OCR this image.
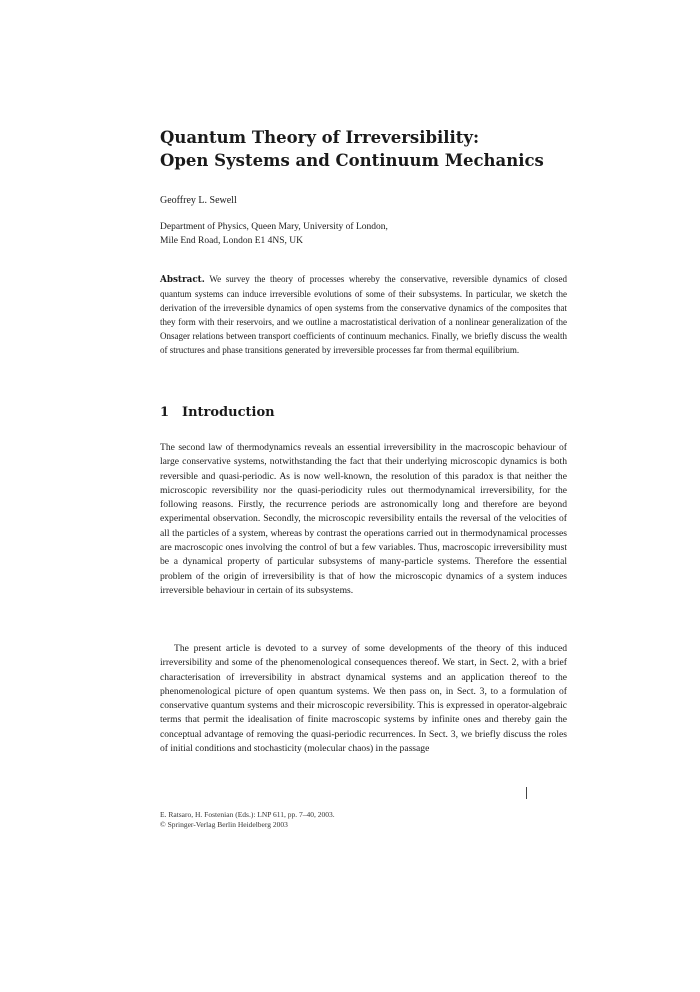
Quantum Theory of Irreversibility:
Open Systems and Continuum Mechanics
Geoffrey L. Sewell
Department of Physics, Queen Mary, University of London,
Mile End Road, London E1 4NS, UK
Abstract. We survey the theory of processes whereby the conservative, reversible dynamics of closed quantum systems can induce irreversible evolutions of some of their subsystems. In particular, we sketch the derivation of the irreversible dynamics of open systems from the conservative dynamics of the composites that they form with their reservoirs, and we outline a macrostatistical derivation of a nonlinear generalization of the Onsager relations between transport coefficients of continuum mechanics. Finally, we briefly discuss the wealth of structures and phase transitions generated by irreversible processes far from thermal equilibrium.
1 Introduction
The second law of thermodynamics reveals an essential irreversibility in the macroscopic behaviour of large conservative systems, notwithstanding the fact that their underlying microscopic dynamics is both reversible and quasi-periodic. As is now well-known, the resolution of this paradox is that neither the microscopic reversibility nor the quasi-periodicity rules out thermodynamical irreversibility, for the following reasons. Firstly, the recurrence periods are astronomically long and therefore are beyond experimental observation. Secondly, the microscopic reversibility entails the reversal of the velocities of all the particles of a system, whereas by contrast the operations carried out in thermodynamical processes are macroscopic ones involving the control of but a few variables. Thus, macroscopic irreversibility must be a dynamical property of particular subsystems of many-particle systems. Therefore the essential problem of the origin of irreversibility is that of how the microscopic dynamics of a system induces irreversible behaviour in certain of its subsystems.
The present article is devoted to a survey of some developments of the theory of this induced irreversibility and some of the phenomenological consequences thereof. We start, in Sect. 2, with a brief characterisation of irreversibility in abstract dynamical systems and an application thereof to the phenomenological picture of open quantum systems. We then pass on, in Sect. 3, to a formulation of conservative quantum systems and their microscopic reversibility. This is expressed in operator-algebraic terms that permit the idealisation of finite macroscopic systems by infinite ones and thereby gain the conceptual advantage of removing the quasi-periodic recurrences. In Sect. 3, we briefly discuss the roles of initial conditions and stochasticity (molecular chaos) in the passage
E. Ratsaro, H. Fostenian (Eds.): LNP 611, pp. 7–40, 2003.
© Springer-Verlag Berlin Heidelberg 2003
